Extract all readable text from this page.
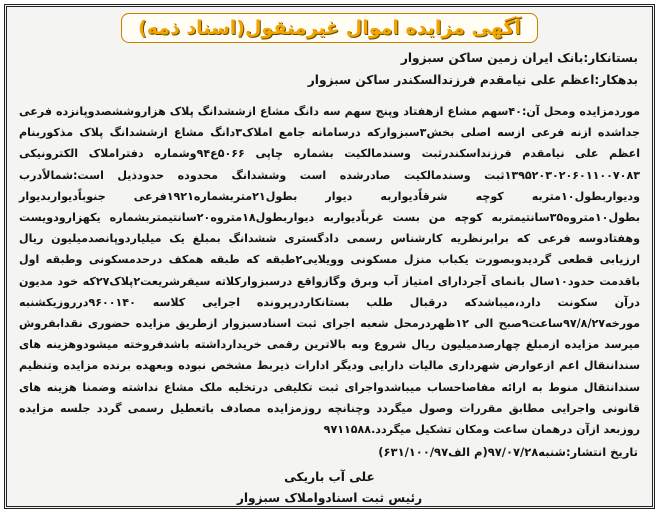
آگهی مزایده اموال غیرمنقول(اسناد ذمه)
بستانکار:بانک ایران زمین ساکن سبزوار
بدهکار:اعظم علی نیامقدم فرزندالسکندر ساکن سبزوار
موردمزایده ومحل آن:۴۰سهم مشاع ازهفتاد وپنج سهم سه دانگ مشاع ازششدانگ پلاک هزاروششصدوپانزده فرعی جداشده ازنه فرعی ازسه اصلی بخش۳سبزوارکه درسامانه جامع املاک۳دانگ مشاع ازششدانگ پلاک مذکوربنام اعظم علی نیامقدم فرزنداسکندرثبت وسندمالکیت بشماره چاپی ۵۰۶۶ع۹۴وشماره دفتراملاک الکترونیکی ۱۳۹۵۲۰۳۰۲۰۶۰۱۱۰۰۷۰۸۳ثبت وسندمالکیت صادرشده است وششدانگ محدوده حدودذیل است:شمالاًدرب وديواربطول۱۰متربه کوچه شرقاًدیواربه دیوار بطول۲۱متربشماره۱۹۲۱فرعی جنوباًدیواربدیوار بطول۱۰متروه۳۵سانتیمتربه کوچه من بست غرباًدیواربه دیواربطول۱۸متروه۲۰سانتیمتربشماره یکهزارودویست وهفتادوسه فرعی که برابرنظریه کارشناس رسمی دادگستری ششدانگ بمبلغ یک میلیاردوپانصدمیلیون ریال ارزیابی قطعی گردیدوبصورت یکباب منزل مسکونی وویلایی۲طبقه که طبقه همکف درحدمسکونی وطبقه اول باقدمت حدود۱۰سال بانمای آجردارای امتیاز آب وبرق وگازواقع درسبزوارکلاته سیفرشریعت۲پلاک۲۷که خود مدیون درآن سکونت دارد،میباشدکه درقبال طلب بستانکاردرپرونده اجرایی کلاسه ۹۶۰۰۱۴۰درروزیکشنبه مورخه۹۷/۸/۲۷ساعت۹صبح الی ۱۲ظهردرمحل شعبه اجرای ثبت اسنادسبزوار ازطریق مزایده حضوری نقدابفروش میرسد مزایده ازمبلغ چهارصدمیلیون ریال شروع وبه بالاترین رقمی خریدارداشته باشدفروخته میشودوهزینه های سنداننقال اعم ازعوارض شهرداری مالیات دارایی ودیگر ادارات ذیربط مشخص نبوده وبعهده برنده مزایده وتنظیم سندانتقال منوط به ارائه مفاصاحساب میباشدواجرای ثبت تکلیفی درتخلیه ملک مشاع نداشته وضمنا هزینه های قانونی واجرایی مطابق مقررات وصول میگردد وچنانچه روزمزایده مصادف باتعطیل رسمی گردد جلسه مزایده روزبعد ازآن درهمان ساعت ومکان تشکیل میگردد.۹۷۱۱۵۸۸
تاریخ انتشار:شنبه۹۷/۰۷/۲۸(م الف۶۳۱/۱۰۰/۹۷)
علی آب باریکی
رئیس ثبت اسنادواملاک سبزوار
